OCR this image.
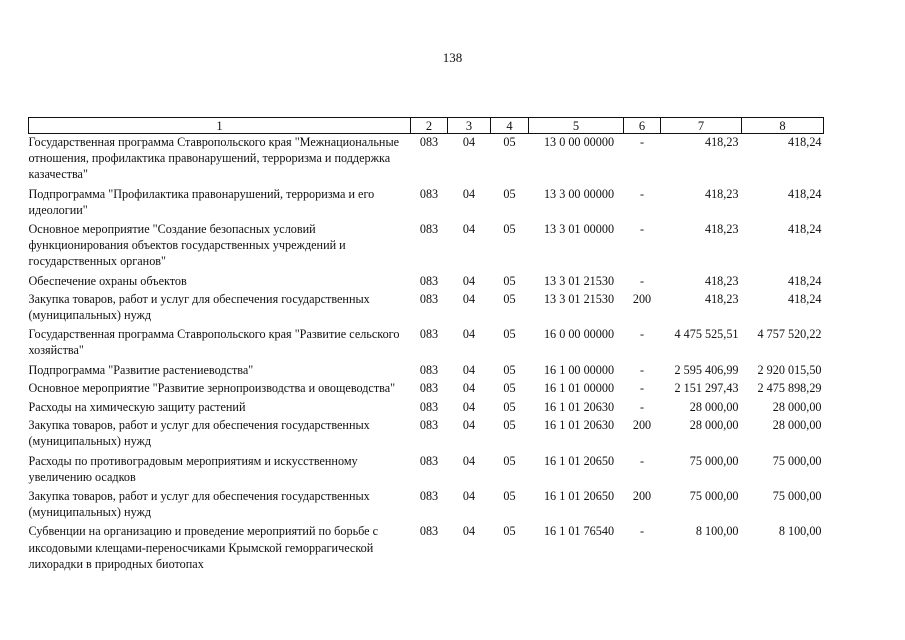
138
1	2	3	4	5	6	7	8
Государственная программа Ставропольского края "Межнациональные отношения, профилактика правонарушений, терроризма и поддержка казачества"	083	04	05	13 0 00 00000	-	418,23	418,24
Подпрограмма "Профилактика правонарушений, терроризма и его идеологии"	083	04	05	13 3 00 00000	-	418,23	418,24
Основное мероприятие "Создание безопасных условий функционирования объектов государственных учреждений и государственных органов"	083	04	05	13 3 01 00000	-	418,23	418,24
Обеспечение охраны объектов	083	04	05	13 3 01 21530	-	418,23	418,24
Закупка товаров, работ и услуг для обеспечения государственных (муниципальных) нужд	083	04	05	13 3 01 21530	200	418,23	418,24
Государственная программа Ставропольского края "Развитие сельского хозяйства"	083	04	05	16 0 00 00000	-	4 475 525,51	4 757 520,22
Подпрограмма "Развитие растениеводства"	083	04	05	16 1 00 00000	-	2 595 406,99	2 920 015,50
Основное мероприятие "Развитие зернопроизводства и овощеводства"	083	04	05	16 1 01 00000	-	2 151 297,43	2 475 898,29
Расходы на химическую защиту растений	083	04	05	16 1 01 20630	-	28 000,00	28 000,00
Закупка товаров, работ и услуг для обеспечения государственных (муниципальных) нужд	083	04	05	16 1 01 20630	200	28 000,00	28 000,00
Расходы по противоградовым мероприятиям и искусственному увеличению осадков	083	04	05	16 1 01 20650	-	75 000,00	75 000,00
Закупка товаров, работ и услуг для обеспечения государственных (муниципальных) нужд	083	04	05	16 1 01 20650	200	75 000,00	75 000,00
Субвенции на организацию и проведение мероприятий по борьбе с иксодовыми клещами-переносчиками Крымской геморрагической лихорадки в природных биотопах	083	04	05	16 1 01 76540	-	8 100,00	8 100,00
